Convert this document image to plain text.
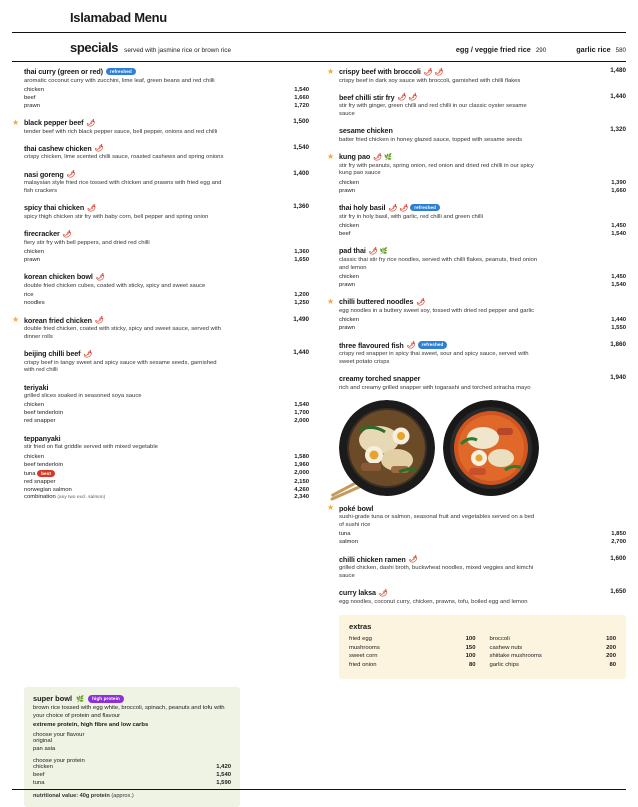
Islamabad Menu
specials served with jasmine rice or brown rice	egg / veggie fried rice 290	garlic rice 580
thai curry (green or red)	refreshed
aromatic coconut curry with zucchini, lime leaf, green beans and red chilli
chicken	1,540
beef	1,660
prawn	1,720
★ black pepper beef 🌶	1,500
tender beef with rich black pepper sauce, bell pepper, onions and red chilli
thai cashew chicken 🌶	1,540
crispy chicken, lime scented chilli sauce, roasted cashews and spring onions
nasi goreng 🌶	1,400
malaysian style fried rice tossed with chicken and prawns with fried egg and fish crackers
spicy thai chicken 🌶	1,360
spicy thigh chicken stir fry with baby corn, bell pepper and spring onion
firecracker 🌶
fiery stir fry with bell peppers, and dried red chilli
chicken	1,360
prawn	1,650
korean chicken bowl 🌶
double fried chicken cubes, coated with sticky, spicy and sweet sauce
rice	1,200
noodles	1,250
★ korean fried chicken 🌶	1,490
double fried chicken, coated with sticky, spicy and sweet sauce, served with dinner rolls
beijing chilli beef 🌶	1,440
crispy beef in tangy sweet and spicy sauce with sesame seeds, garnished with red chilli
teriyaki
grilled slices soaked in seasoned soya sauce
chicken	1,540
beef tenderloin	1,700
red snapper	2,000
teppanyaki
stir fried on flat griddle served with mixed vegetable
chicken	1,580
beef tenderloin	1,960
tuna best	2,000
red snapper	2,150
norwegian salmon	4,260
combination (any two excl. salmon)	2,340
★ crispy beef with broccoli 🌶 🌶	1,480
crispy beef in dark soy sauce with broccoli, garnished with chilli flakes
beef chilli stir fry 🌶 🌶	1,440
stir fry with ginger, green chilli and red chilli in our classic oyster sesame sauce
sesame chicken	1,320
batter fried chicken in honey glazed sauce, topped with sesame seeds
★ kung pao 🌶 🌿
stir fry with peanuts, spring onion, red onion and dried red chilli in our spicy kung pao sauce
chicken	1,390
prawn	1,660
thai holy basil 🌶 🌶	refreshed
stir fry in holy basil, with garlic, red chilli and green chilli
chicken	1,450
beef	1,540
pad thai 🌶 🌿
classic thai stir fry rice noodles, served with chilli flakes, peanuts, fried onion and lemon
chicken	1,450
prawn	1,540
★ chilli buttered noodles 🌶
egg noodles in a buttery sweet soy, tossed with dried red pepper and garlic
chicken	1,440
prawn	1,550
three flavoured fish 🌶	refreshed	1,860
crispy red snapper in spicy thai sweet, sour and spicy sauce, served with sweet potato crisps
creamy torched snapper	1,940
rich and creamy grilled snapper with togarashi and torched sriracha mayo
★ poké bowl
sushi-grade tuna or salmon, seasonal fruit and vegetables served on a bed of sushi rice
tuna	1,850
salmon	2,700
chilli chicken ramen 🌶	1,600
grilled chicken, dashi broth, buckwheat noodles, mixed veggies and kimchi sauce
curry laksa 🌶	1,650
egg noodles, coconut curry, chicken, prawns, tofu, boiled egg and lemon
extras
fried egg	100
mushrooms	150
sweet corn	100
fried onion	80
broccoli	100
cashew nuts	200
shiitake mushrooms	200
garlic chips	80
super bowl 🌿	high protein
brown rice tossed with egg white, broccoli, spinach, peanuts and tofu with your choice of protein and flavour
extreme protein, high fibre and low carbs
choose your flavour
original
pan asia
choose your protein
chicken	1,420
beef	1,540
tuna	1,590
nutritional value: 40g protein (approx.)
